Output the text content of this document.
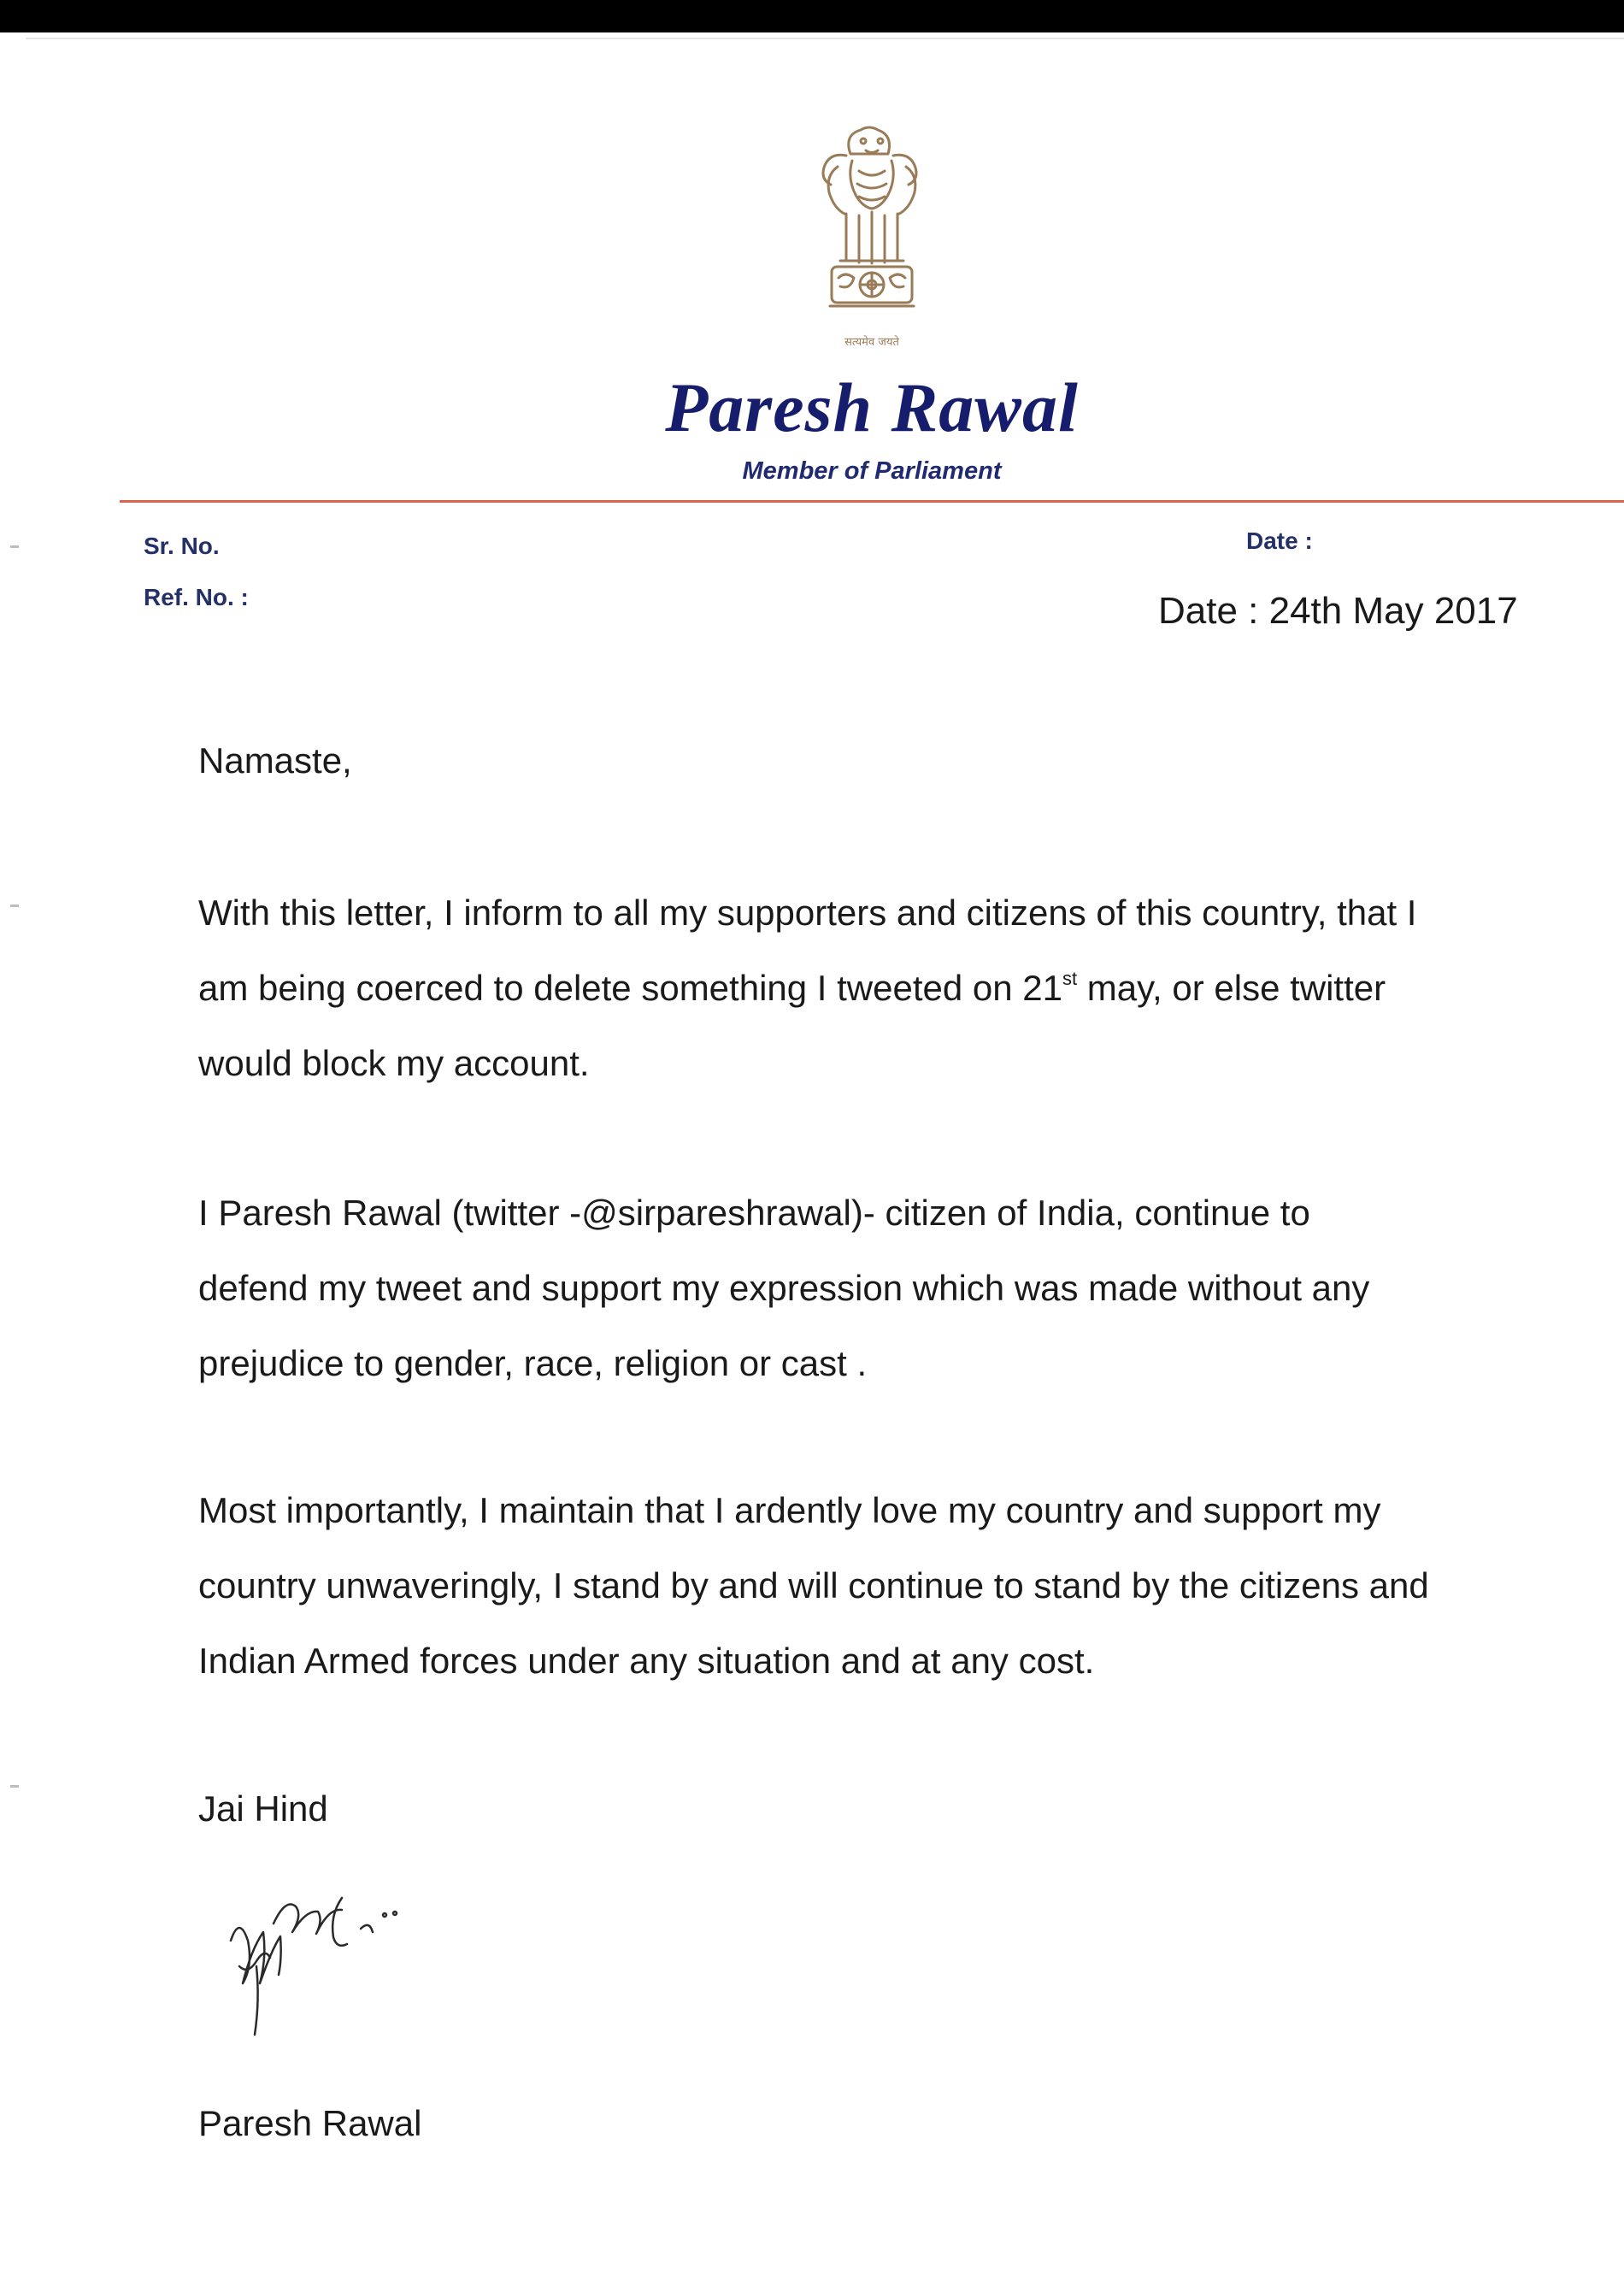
सत्यमेव जयते
Paresh Rawal
Member of Parliament
Sr. No.
Ref. No. :
Date :
Date : 24th May 2017
Namaste,
With this letter, I inform to all my supporters and citizens of this country, that I
am being coerced to delete something I tweeted on 21st may, or else twitter
would block my account.
I Paresh Rawal (twitter -@sirpareshrawal)- citizen of India, continue to
defend my tweet and support my expression which was made without any
prejudice to gender, race, religion or cast .
Most importantly, I maintain that I ardently love my country and support my
country unwaveringly, I stand by and will continue to stand by the citizens and
Indian Armed forces under any situation and at any cost.
Jai Hind
Paresh Rawal
